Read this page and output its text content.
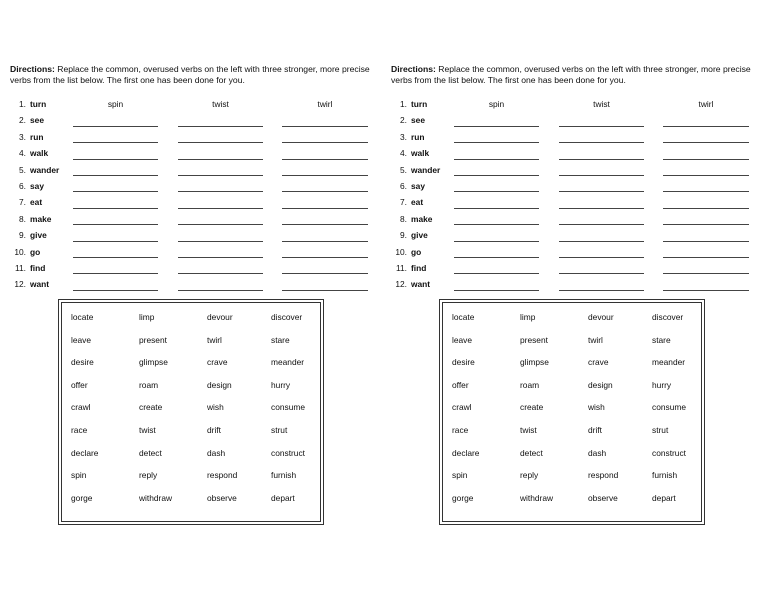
Directions: Replace the common, overused verbs on the left with three stronger, more precise verbs from the list below. The first one has been done for you.

1. turn	spin	twist	twirl
2. see
3. run
4. walk
5. wander
6. say
7. eat
8. make
9. give
10. go
11. find
12. want
locate	limp	devour	discover
leave	present	twirl	stare
desire	glimpse	crave	meander
offer	roam	design	hurry
crawl	create	wish	consume
race	twist	drift	strut
declare	detect	dash	construct
spin	reply	respond	furnish
gorge	withdraw	observe	depart

Directions: Replace the common, overused verbs on the left with three stronger, more precise verbs from the list below. The first one has been done for you.

1. turn	spin	twist	twirl
2. see
3. run
4. walk
5. wander
6. say
7. eat
8. make
9. give
10. go
11. find
12. want
locate	limp	devour	discover
leave	present	twirl	stare
desire	glimpse	crave	meander
offer	roam	design	hurry
crawl	create	wish	consume
race	twist	drift	strut
declare	detect	dash	construct
spin	reply	respond	furnish
gorge	withdraw	observe	depart
